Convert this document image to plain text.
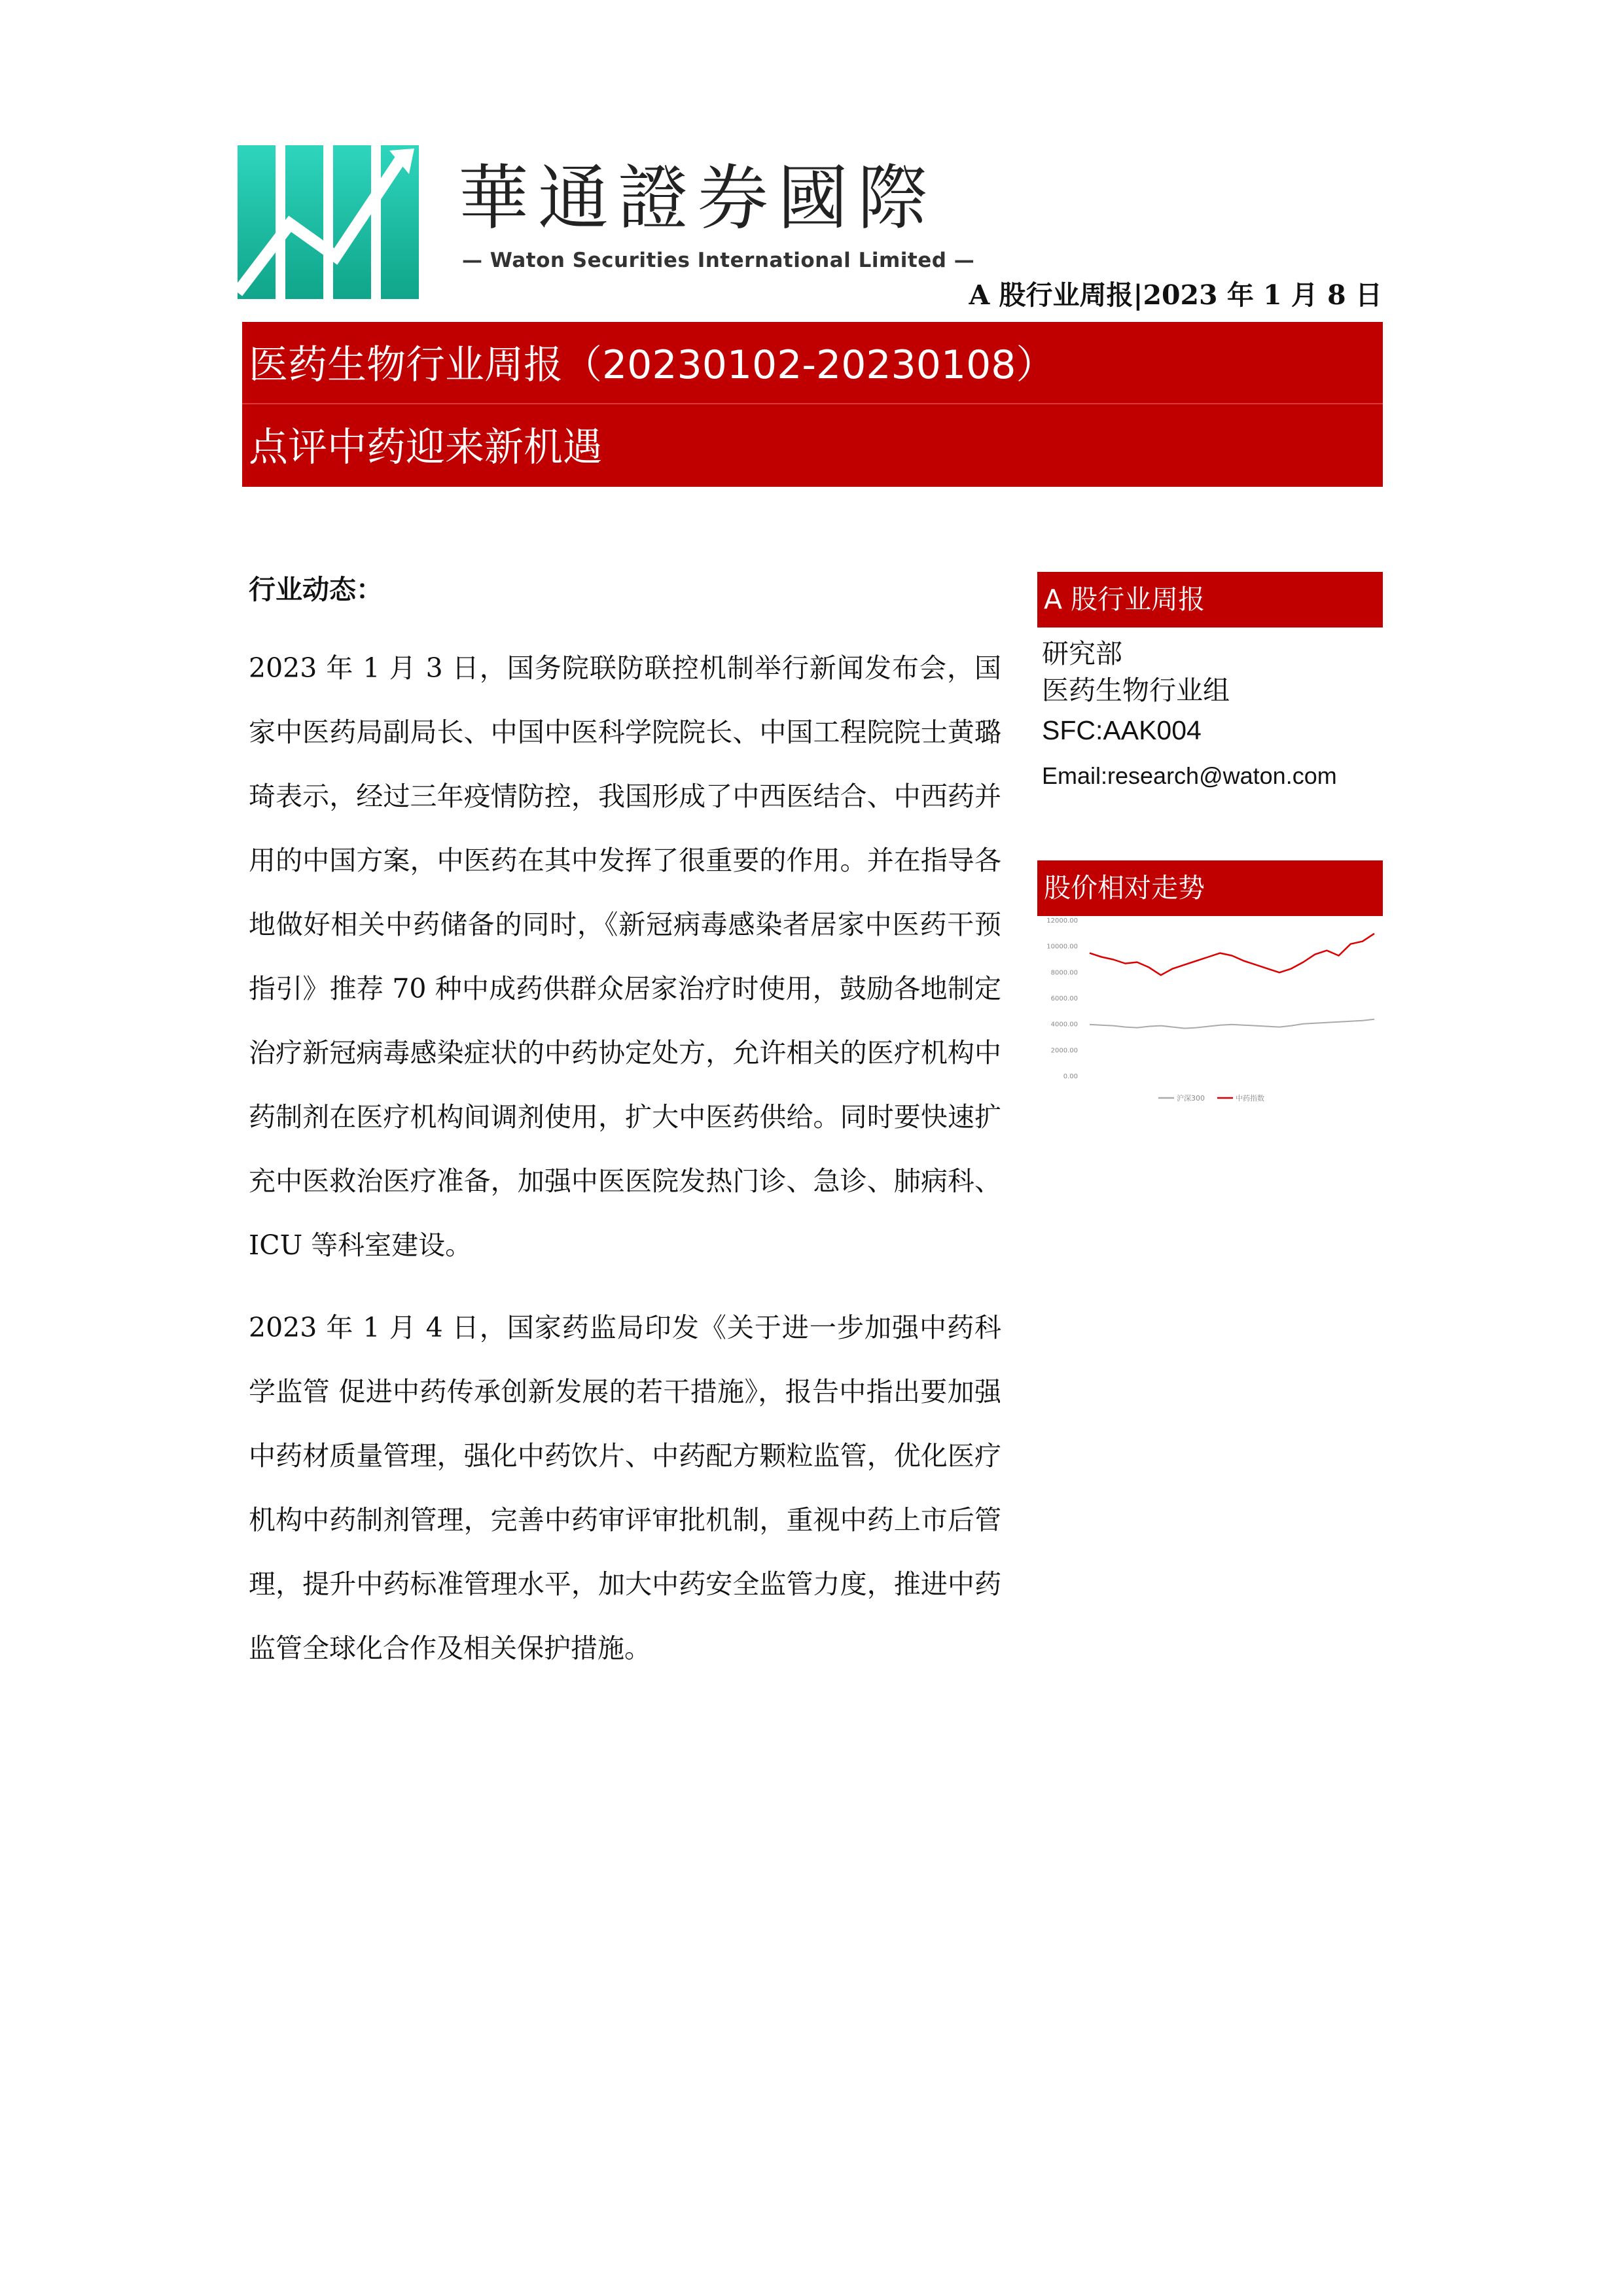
華通證券國際
— Waton Securities International Limited —
A 股行业周报|2023 年 1 月 8 日
医药生物行业周报（20230102-20230108）
点评中药迎来新机遇
行业动态：

2023 年 1 月 3 日，国务院联防联控机制举行新闻发布会，国家中医药局副局长、中国中医科学院院长、中国工程院院士黄璐琦表示，经过三年疫情防控，我国形成了中西医结合、中西药并用的中国方案，中医药在其中发挥了很重要的作用。并在指导各地做好相关中药储备的同时，《新冠病毒感染者居家中医药干预指引》推荐 70 种中成药供群众居家治疗时使用，鼓励各地制定治疗新冠病毒感染症状的中药协定处方，允许相关的医疗机构中药制剂在医疗机构间调剂使用，扩大中医药供给。同时要快速扩充中医救治医疗准备，加强中医医院发热门诊、急诊、肺病科、ICU 等科室建设。

2023 年 1 月 4 日，国家药监局印发《关于进一步加强中药科学监管 促进中药传承创新发展的若干措施》，报告中指出要加强中药材质量管理，强化中药饮片、中药配方颗粒监管，优化医疗机构中药制剂管理，完善中药审评审批机制，重视中药上市后管理，提升中药标准管理水平，加大中药安全监管力度，推进中药监管全球化合作及相关保护措施。

A 股行业周报
研究部
医药生物行业组
SFC:AAK004
Email:research@waton.com
股价相对走势
12000.00
10000.00
8000.00
6000.00
4000.00
2000.00
0.00
沪深300	中药指数
